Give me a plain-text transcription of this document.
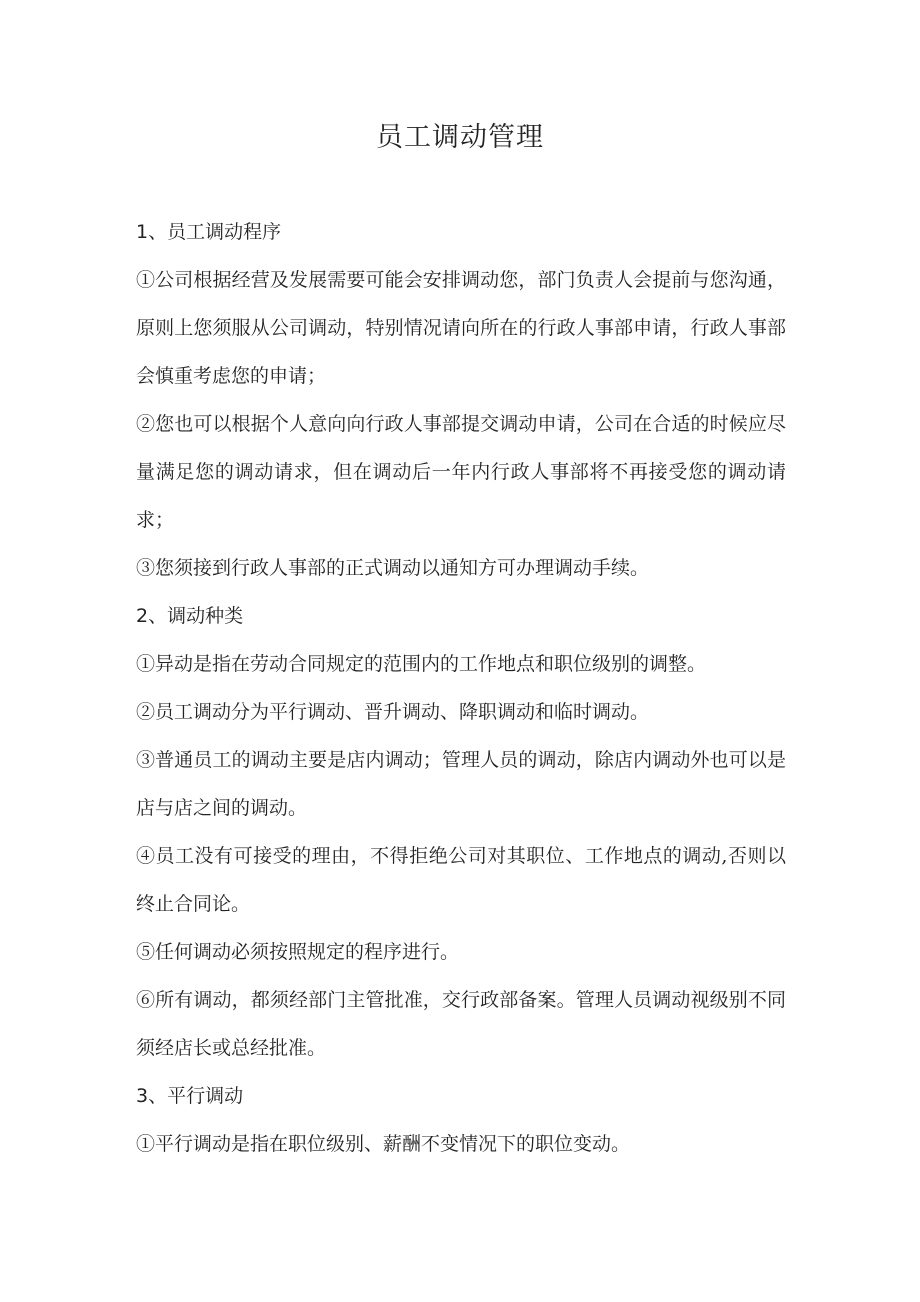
员工调动管理

1、员工调动程序

①公司根据经营及发展需要可能会安排调动您，部门负责人会提前与您沟通，原则上您须服从公司调动，特别情况请向所在的行政人事部申请，行政人事部会慎重考虑您的申请；

②您也可以根据个人意向向行政人事部提交调动申请，公司在合适的时候应尽量满足您的调动请求，但在调动后一年内行政人事部将不再接受您的调动请求；

③您须接到行政人事部的正式调动以通知方可办理调动手续。

2、调动种类

①异动是指在劳动合同规定的范围内的工作地点和职位级别的调整。

②员工调动分为平行调动、晋升调动、降职调动和临时调动。

③普通员工的调动主要是店内调动；管理人员的调动，除店内调动外也可以是店与店之间的调动。

④员工没有可接受的理由，不得拒绝公司对其职位、工作地点的调动,否则以终止合同论。

⑤任何调动必须按照规定的程序进行。

⑥所有调动，都须经部门主管批准，交行政部备案。管理人员调动视级别不同须经店长或总经批准。

3、平行调动

①平行调动是指在职位级别、薪酬不变情况下的职位变动。
